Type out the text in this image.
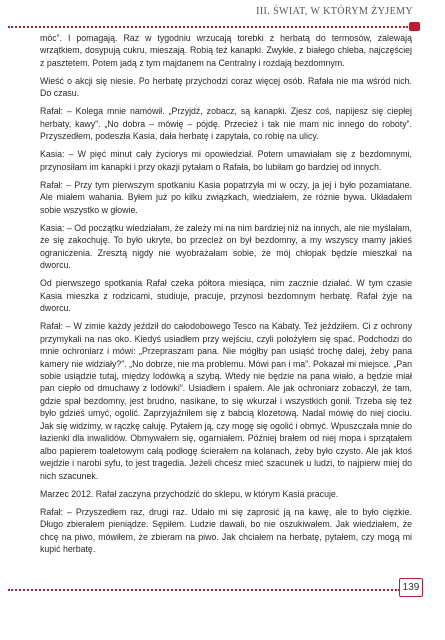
III. ŚWIAT, W KTÓRYM ŻYJEMY

móc”. I pomagają. Raz w tygodniu wrzucają torebki z herbatą do termosów, zalewają wrzątkiem, dosypują cukru, mieszają. Robią też kanapki. Zwykłe, z białego chleba, najczęściej z pasztetem. Potem jadą z tym majdanem na Centralny i rozdają bezdomnym.

Wieść o akcji się niesie. Po herbatę przychodzi coraz więcej osób. Rafała nie ma wśród nich. Do czasu.

Rafał: – Kolega mnie namówił. „Przyjdź, zobacz, są kanapki. Zjesz coś, napijesz się ciepłej herbaty, kawy”. „No dobra – mówię – pójdę. Przecież i tak nie mam nic innego do roboty”. Przyszedłem, podeszła Kasia, dała herbatę i zapytała, co robię na ulicy.

Kasia: – W pięć minut cały życiorys mi opowiedział. Potem umawiałam się z bezdomnymi, przynosiłam im kanapki i przy okazji pytałam o Rafała, bo lubiłam go bardziej od innych.

Rafał: – Przy tym pierwszym spotkaniu Kasia popatrzyła mi w oczy, ja jej i było pozamiatane. Ale miałem wahania. Byłem już po kilku związkach, wiedziałem, że różnie bywa. Układałem sobie wszystko w głowie.

Kasia: – Od początku wiedziałam, że zależy mi na nim bardziej niż na innych, ale nie myślałam, że się zakochuję. To było ukryte, bo przecież on był bezdomny, a my wszyscy mamy jakieś ograniczenia. Zresztą nigdy nie wyobrażałam sobie, że mój chłopak będzie mieszkał na dworcu.

Od pierwszego spotkania Rafał czeka półtora miesiąca, nim zacznie działać. W tym czasie Kasia mieszka z rodzicami, studiuje, pracuje, przynosi bezdomnym herbatę. Rafał żyje na dworcu.

Rafał: – W zimie każdy jeździł do całodobowego Tesco na Kabaty. Też jeździłem. Ci z ochrony przymykali na nas oko. Kiedyś usiadłem przy wejściu, czyli położyłem się spać. Podchodzi do mnie ochroniarz i mówi: „Przepraszam pana. Nie mógłby pan usiąść trochę dalej, żeby pana kamery nie widziały?”. „No dobrze, nie ma problemu. Mówi pan i ma”. Pokazał mi miejsce. „Pan sobie usiądzie tutaj, między lodówką a szybą. Wtedy nie będzie na pana wiało, a będzie miał pan ciepło od dmuchawy z lodówki”. Usiadłem i spałem. Ale jak ochroniarz zobaczył, że tam, gdzie spał bezdomny, jest brudno, nasikane, to się wkurzał i wszystkich gonił. Trzeba się też było gdzieś umyć, ogolić. Zaprzyjaźniłem się z babcią klozetową. Nadal mówię do niej ciociu. Jak się widzimy, w rączkę całuję. Pytałem ją, czy mogę się ogolić i obmyć. Wpuszczała mnie do łazienki dla inwalidów. Obmywałem się, ogarniałem. Później brałem od niej mopa i sprzątałem albo papierem toaletowym całą podłogę ścierałem na kolanach, żeby było czysto. Ale jak ktoś wejdzie i narobi syfu, to jest tragedia. Jeżeli chcesz mieć szacunek u ludzi, to najpierw miej do nich szacunek.

Marzec 2012. Rafał zaczyna przychodzić do sklepu, w którym Kasia pracuje.

Rafał: – Przyszedłem raz, drugi raz. Udało mi się zaprosić ją na kawę, ale to było ciężkie. Długo zbierałem pieniądze. Sępiłem. Ludzie dawali, bo nie oszukiwałem. Jak wiedziałem, że chcę na piwo, mówiłem, że zbieram na piwo. Jak chciałem na herbatę, pytałem, czy mogą mi kupić herbatę.

139
